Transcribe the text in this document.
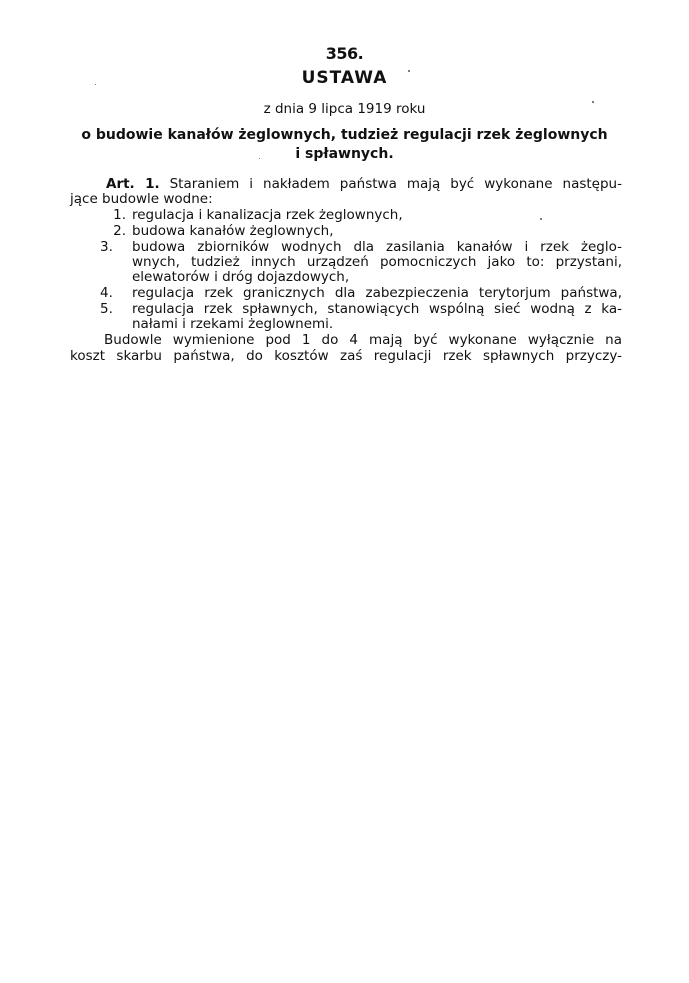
356.
USTAWA
z dnia 9 lipca 1919 roku
o budowie kanałów żeglownych, tudzież regulacji rzek żeglownych
i spławnych.
Art. 1. Staraniem i nakładem państwa mają być wykonane następu-
jące budowle wodne:
1. regulacja i kanalizacja rzek żeglownych,
2. budowa kanałów żeglownych,
3. budowa zbiorników wodnych dla zasilania kanałów i rzek żeglo-
wnych, tudzież innych urządzeń pomocniczych jako to: przystani,
elewatorów i dróg dojazdowych,
4. regulacja rzek granicznych dla zabezpieczenia terytorjum państwa,
5. regulacja rzek spławnych, stanowiących wspólną sieć wodną z ka-
nałami i rzekami żeglownemi.
Budowle wymienione pod 1 do 4 mają być wykonane wyłącznie na
koszt skarbu państwa, do kosztów zaś regulacji rzek spławnych przyczy-
